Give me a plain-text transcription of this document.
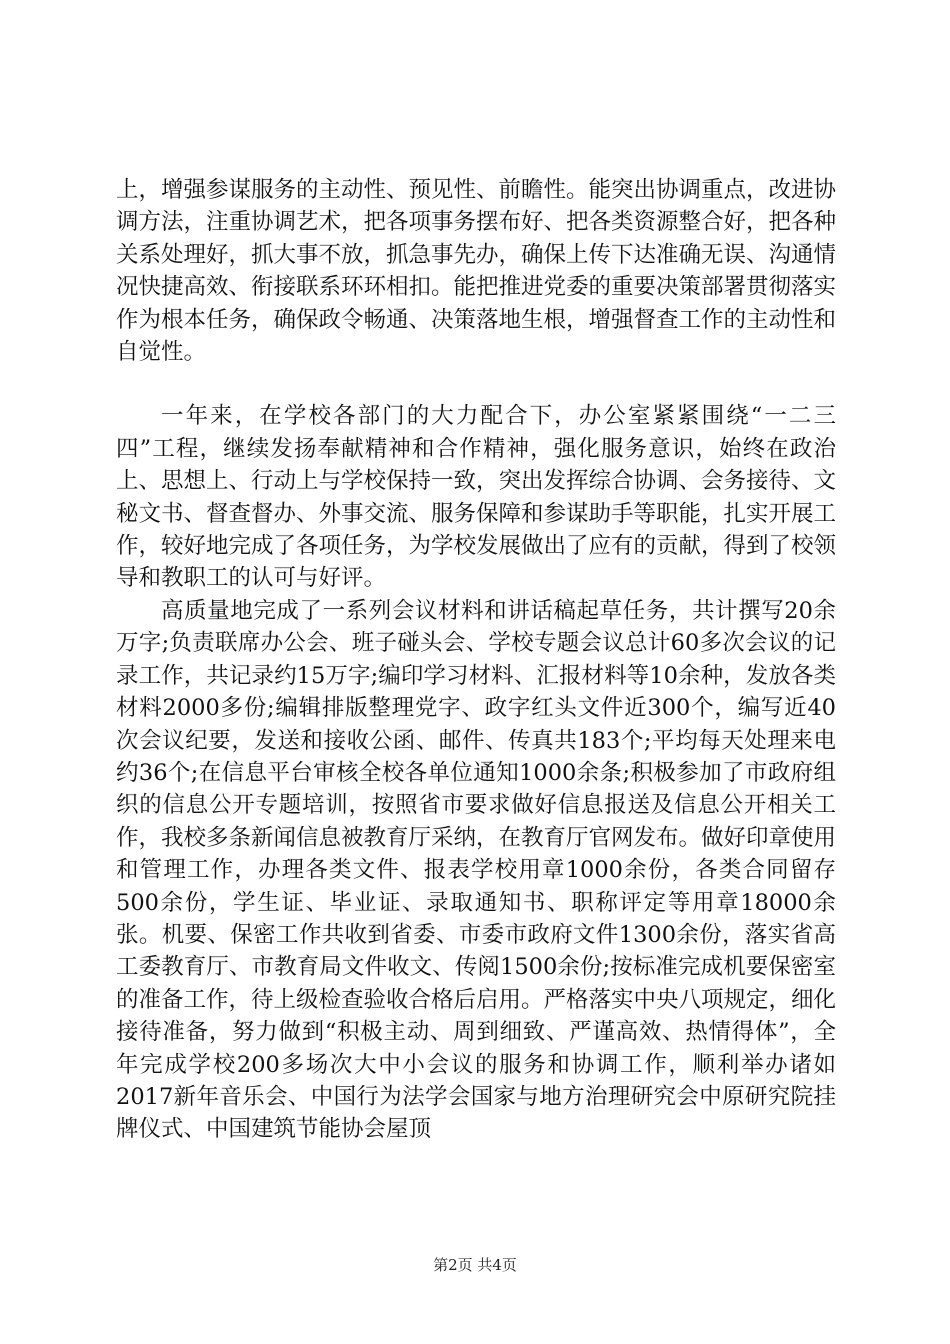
上，增强参谋服务的主动性、预见性、前瞻性。能突出协调重点，改进协调方法，注重协调艺术，把各项事务摆布好、把各类资源整合好，把各种关系处理好，抓大事不放，抓急事先办，确保上传下达准确无误、沟通情况快捷高效、衔接联系环环相扣。能把推进党委的重要决策部署贯彻落实作为根本任务，确保政令畅通、决策落地生根，增强督查工作的主动性和自觉性。

一年来，在学校各部门的大力配合下，办公室紧紧围绕“一二三四”工程，继续发扬奉献精神和合作精神，强化服务意识，始终在政治上、思想上、行动上与学校保持一致，突出发挥综合协调、会务接待、文秘文书、督查督办、外事交流、服务保障和参谋助手等职能，扎实开展工作，较好地完成了各项任务，为学校发展做出了应有的贡献，得到了校领导和教职工的认可与好评。

高质量地完成了一系列会议材料和讲话稿起草任务，共计撰写20余万字;负责联席办公会、班子碰头会、学校专题会议总计60多次会议的记录工作，共记录约15万字;编印学习材料、汇报材料等10余种，发放各类材料2000多份;编辑排版整理党字、政字红头文件近300个，编写近40次会议纪要，发送和接收公函、邮件、传真共183个;平均每天处理来电约36个;在信息平台审核全校各单位通知1000余条;积极参加了市政府组织的信息公开专题培训，按照省市要求做好信息报送及信息公开相关工作，我校多条新闻信息被教育厅采纳，在教育厅官网发布。做好印章使用和管理工作，办理各类文件、报表学校用章1000余份，各类合同留存500余份，学生证、毕业证、录取通知书、职称评定等用章18000余张。机要、保密工作共收到省委、市委市政府文件1300余份，落实省高工委教育厅、市教育局文件收文、传阅1500余份;按标准完成机要保密室的准备工作，待上级检查验收合格后启用。严格落实中央八项规定，细化接待准备，努力做到“积极主动、周到细致、严谨高效、热情得体”，全年完成学校200多场次大中小会议的服务和协调工作，顺利举办诸如2017新年音乐会、中国行为法学会国家与地方治理研究会中原研究院挂牌仪式、中国建筑节能协会屋顶

第2页 共4页
